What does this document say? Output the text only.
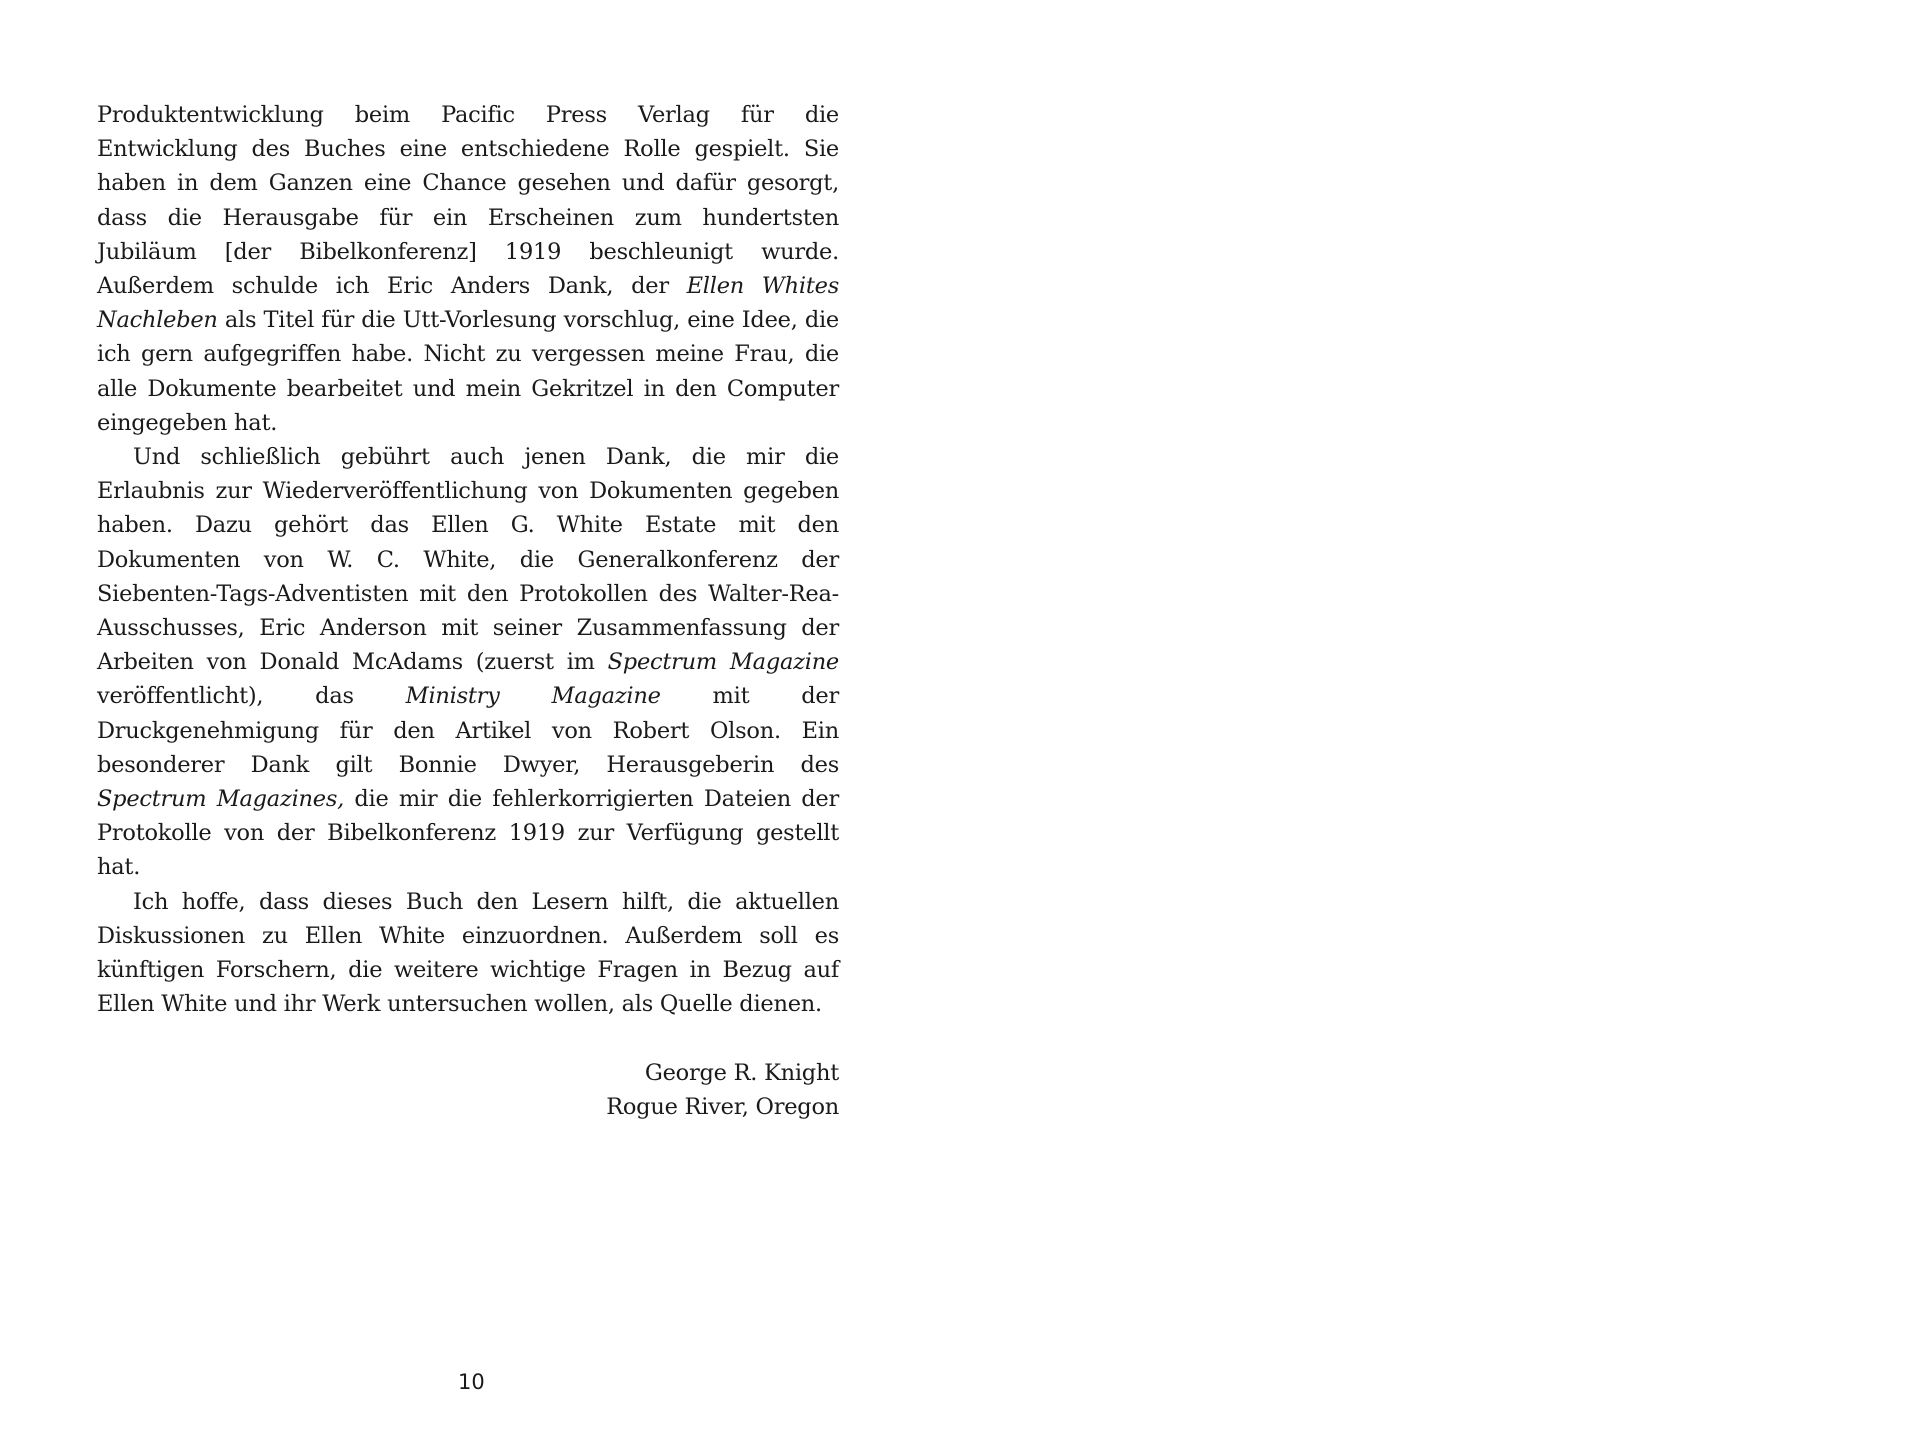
Produktentwicklung beim Pacific Press Verlag für die Entwicklung des Buches eine entschiedene Rolle gespielt. Sie haben in dem Ganzen eine Chance gesehen und dafür gesorgt, dass die Herausgabe für ein Erscheinen zum hundertsten Jubiläum [der Bibelkonferenz] 1919 beschleunigt wurde. Außerdem schulde ich Eric Anders Dank, der Ellen Whites Nachleben als Titel für die Utt-Vorlesung vorschlug, eine Idee, die ich gern aufgegriffen habe. Nicht zu vergessen meine Frau, die alle Dokumente bearbeitet und mein Gekritzel in den Computer eingegeben hat.

Und schließlich gebührt auch jenen Dank, die mir die Erlaubnis zur Wiederveröffentlichung von Dokumenten gegeben haben. Dazu gehört das Ellen G. White Estate mit den Dokumenten von W. C. White, die Generalkonferenz der Siebenten-Tags-Adventisten mit den Protokollen des Walter-Rea-Ausschusses, Eric Anderson mit seiner Zusammenfassung der Arbeiten von Donald McAdams (zuerst im Spectrum Magazine veröffentlicht), das Ministry Magazine mit der Druckgenehmigung für den Artikel von Robert Olson. Ein besonderer Dank gilt Bonnie Dwyer, Herausgeberin des Spectrum Magazines, die mir die fehlerkorrigierten Dateien der Protokolle von der Bibelkonferenz 1919 zur Verfügung gestellt hat.

Ich hoffe, dass dieses Buch den Lesern hilft, die aktuellen Diskussionen zu Ellen White einzuordnen. Außerdem soll es künftigen Forschern, die weitere wichtige Fragen in Bezug auf Ellen White und ihr Werk untersuchen wollen, als Quelle dienen.

George R. Knight
Rogue River, Oregon
10
